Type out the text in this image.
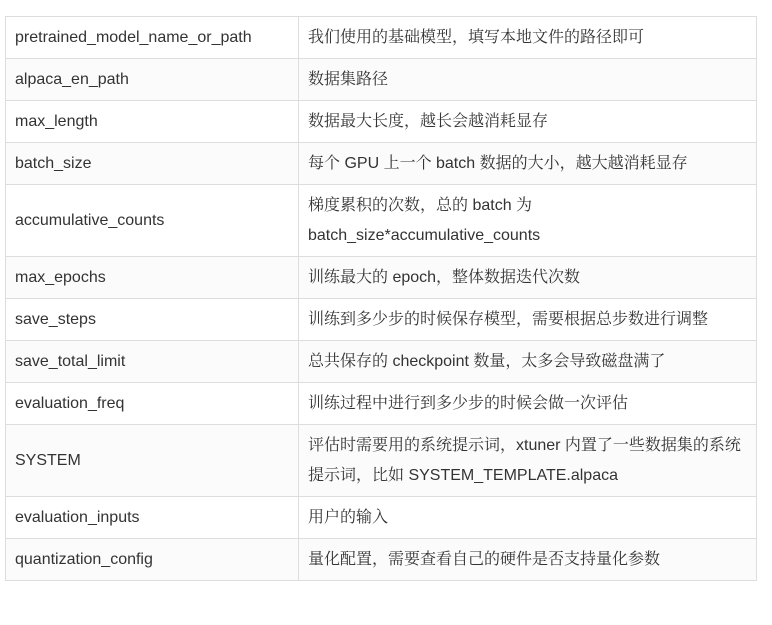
pretrained_model_name_or_path	我们使用的基础模型，填写本地文件的路径即可
alpaca_en_path	数据集路径
max_length	数据最大长度，越长会越消耗显存
batch_size	每个 GPU 上一个 batch 数据的大小，越大越消耗显存
accumulative_counts	梯度累积的次数，总的 batch 为 batch_size*accumulative_counts
max_epochs	训练最大的 epoch，整体数据迭代次数
save_steps	训练到多少步的时候保存模型，需要根据总步数进行调整
save_total_limit	总共保存的 checkpoint 数量，太多会导致磁盘满了
evaluation_freq	训练过程中进行到多少步的时候会做一次评估
SYSTEM	评估时需要用的系统提示词，xtuner 内置了一些数据集的系统提示词，比如 SYSTEM_TEMPLATE.alpaca
evaluation_inputs	用户的输入
quantization_config	量化配置，需要查看自己的硬件是否支持量化参数
